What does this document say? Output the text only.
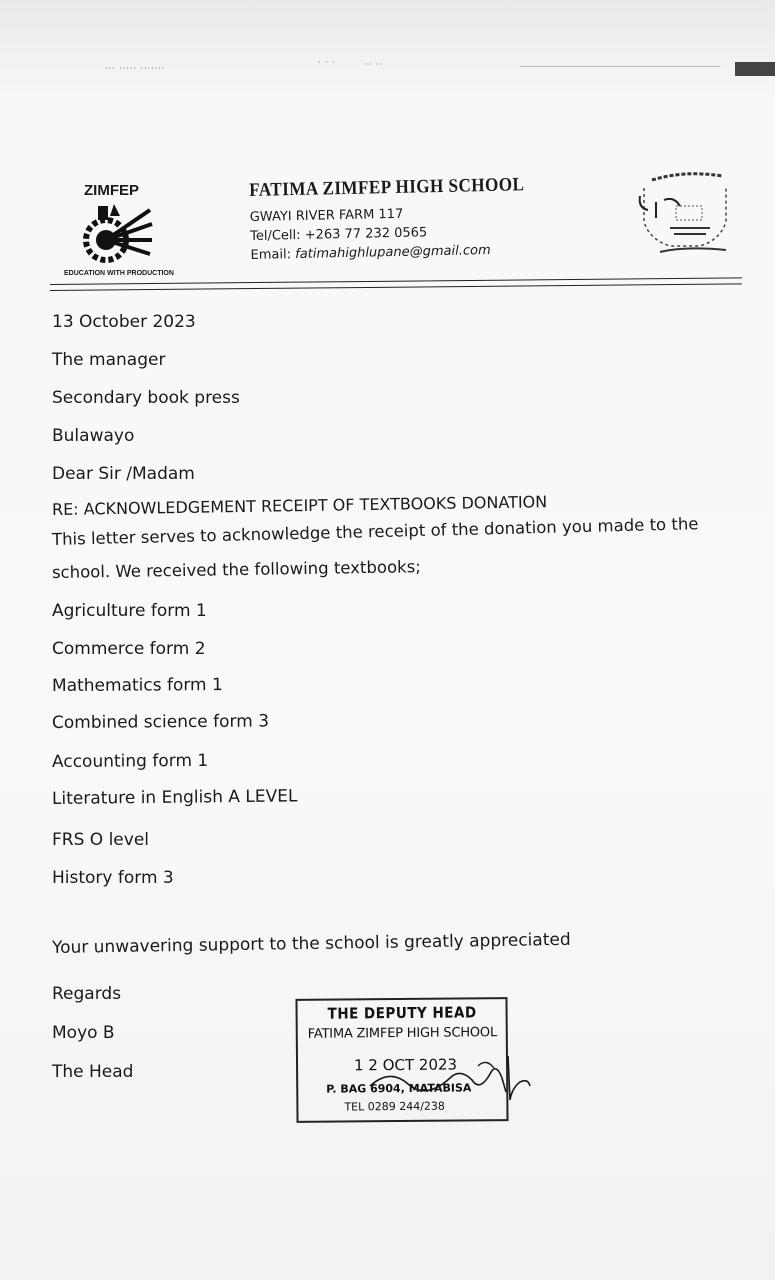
··· ····· ·······
· · ·	·· ··
ZIMFEP
EDUCATION WITH PRODUCTION
FATIMA ZIMFEP HIGH SCHOOL
GWAYI RIVER FARM 117
Tel/Cell: +263 77 232 0565
Email: fatimahighlupane@gmail.com
13 October 2023
The manager
Secondary book press
Bulawayo
Dear Sir /Madam
RE: ACKNOWLEDGEMENT RECEIPT OF TEXTBOOKS DONATION
This letter serves to acknowledge the receipt of the donation you made to the
school. We received the following textbooks;
Agriculture form 1
Commerce form 2
Mathematics form 1
Combined science form 3
Accounting form 1
Literature in English A LEVEL
FRS O level
History form 3
Your unwavering support to the school is greatly appreciated
Regards
Moyo B
The Head
THE DEPUTY HEAD
FATIMA ZIMFEP HIGH SCHOOL
1 2 OCT 2023
P. BAG 6904, MATABISA
TEL 0289 244/238
